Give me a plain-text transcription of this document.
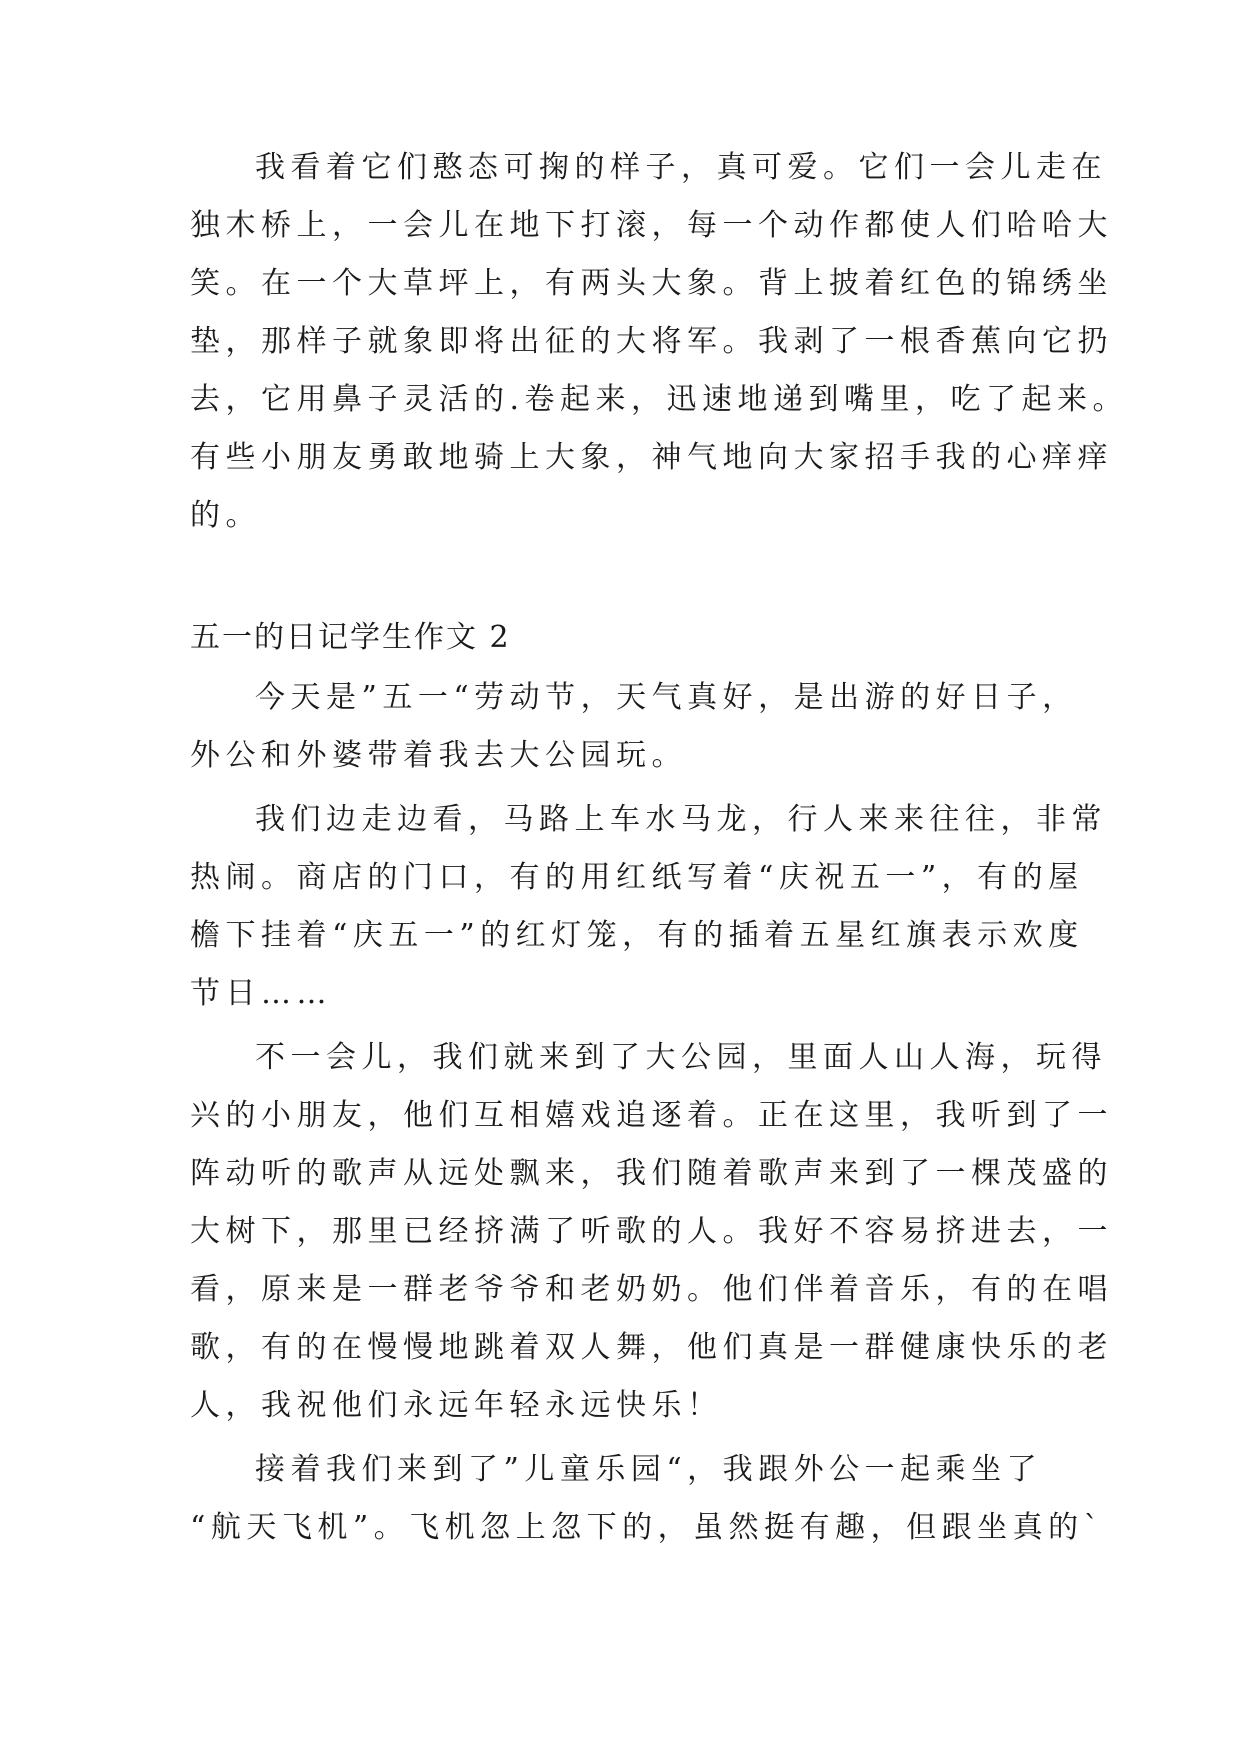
我看着它们憨态可掬的样子，真可爱。它们一会儿走在
独木桥上，一会儿在地下打滚，每一个动作都使人们哈哈大
笑。在一个大草坪上，有两头大象。背上披着红色的锦绣坐
垫，那样子就象即将出征的大将军。我剥了一根香蕉向它扔
去，它用鼻子灵活的.卷起来，迅速地递到嘴里，吃了起来。
有些小朋友勇敢地骑上大象，神气地向大家招手我的心痒痒
的。
五一的日记学生作文 2
今天是”五一“劳动节，天气真好，是出游的好日子，
外公和外婆带着我去大公园玩。
我们边走边看，马路上车水马龙，行人来来往往，非常
热闹。商店的门口，有的用红纸写着“庆祝五一”，有的屋
檐下挂着“庆五一”的红灯笼，有的插着五星红旗表示欢度
节日……
不一会儿，我们就来到了大公园，里面人山人海，玩得
兴的小朋友，他们互相嬉戏追逐着。正在这里，我听到了一
阵动听的歌声从远处飘来，我们随着歌声来到了一棵茂盛的
大树下，那里已经挤满了听歌的人。我好不容易挤进去，一
看，原来是一群老爷爷和老奶奶。他们伴着音乐，有的在唱
歌，有的在慢慢地跳着双人舞，他们真是一群健康快乐的老
人，我祝他们永远年轻永远快乐！
接着我们来到了”儿童乐园“，我跟外公一起乘坐了
“航天飞机”。飞机忽上忽下的，虽然挺有趣，但跟坐真的`
